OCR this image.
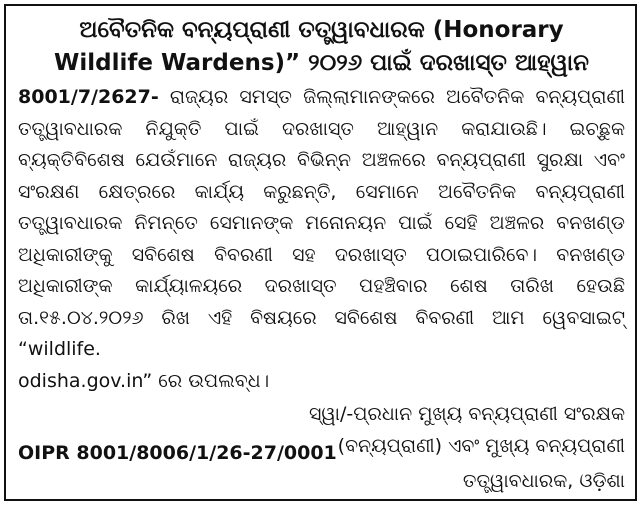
ଅବୈତନିକ ବନ୍ୟପ୍ରାଣୀ ତତ୍ତ୍ୱାବଧାରକ (Honorary
Wildlife Wardens)” ୨୦୨୬ ପାଇଁ ଦରଖାସ୍ତ ଆହ୍ୱାନ

8001/7/2627- ରାଜ୍ୟର ସମସ୍ତ ଜିଲ୍ଲାମାନଙ୍କରେ ଅବୈତନିକ ବନ୍ୟପ୍ରାଣୀ ତତ୍ତ୍ୱାବଧାରକ ନିଯୁକ୍ତି ପାଇଁ ଦରଖାସ୍ତ ଆହ୍ୱାନ କରାଯାଉଛି। ଇଚ୍ଛୁକ ବ୍ୟକ୍ତିବିଶେଷ ଯେଉଁମାନେ ରାଜ୍ୟର ବିଭିନ୍ନ ଅଞ୍ଚଳରେ ବନ୍ୟପ୍ରାଣୀ ସୁରକ୍ଷା ଏବଂ ସଂରକ୍ଷଣ କ୍ଷେତ୍ରରେ କାର୍ଯ୍ୟ କରୁଛନ୍ତି, ସେମାନେ ଅବୈତନିକ ବନ୍ୟପ୍ରାଣୀ ତତ୍ତ୍ୱାବଧାରକ ନିମନ୍ତେ ସେମାନଙ୍କ ମନୋନୟନ ପାଇଁ ସେହି ଅଞ୍ଚଳର ବନଖଣ୍ଡ ଅଧିକାରୀଙ୍କୁ ସବିଶେଷ ବିବରଣୀ ସହ ଦରଖାସ୍ତ ପଠାଇପାରିବେ। ବନଖଣ୍ଡ ଅଧିକାରୀଙ୍କ କାର୍ଯ୍ୟାଳୟରେ ଦରଖାସ୍ତ ପହଞ୍ଚିବାର ଶେଷ ତାରିଖ ହେଉଛି ତା.୧୫.୦୪.୨୦୨୬ ରିଖ ଏହି ବିଷୟରେ ସବିଶେଷ ବିବରଣୀ ଆମ ୱେବସାଇଟ୍ “wildlife.

odisha.gov.in” ରେ ଉପଲବ୍ଧ।
ସ୍ୱା/-ପ୍ରଧାନ ମୁଖ୍ୟ ବନ୍ୟପ୍ରାଣୀ ସଂରକ୍ଷକ
(ବନ୍ୟପ୍ରାଣୀ) ଏବଂ ମୁଖ୍ୟ ବନ୍ୟପ୍ରାଣୀ
OIPR 8001/8006/1/26-27/0001
ତତ୍ତ୍ୱାବଧାରକ, ଓଡ଼ିଶା
